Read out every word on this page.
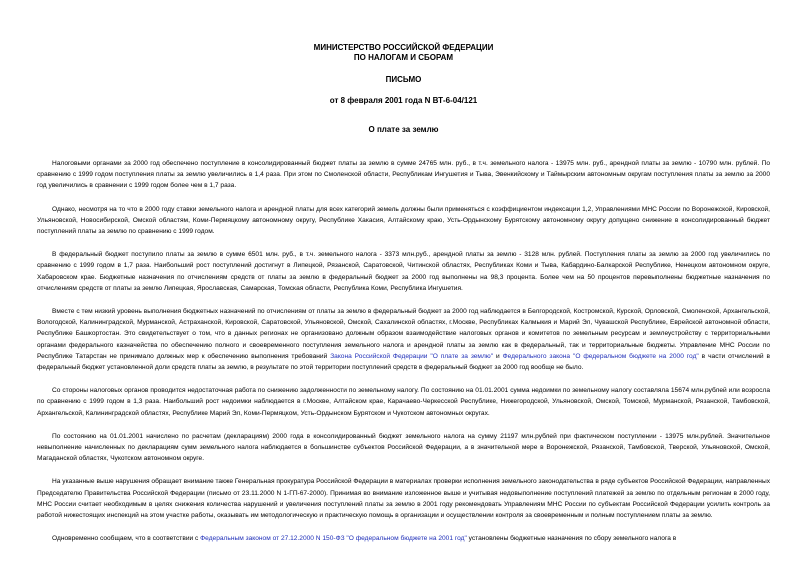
МИНИСТЕРСТВО РОССИЙСКОЙ ФЕДЕРАЦИИ

ПО НАЛОГАМ И СБОРАМ

ПИСЬМО

от 8 февраля 2001 года N ВТ-6-04/121

О плате за землю

Налоговыми органами за 2000 год обеспечено поступление в консолидированный бюджет платы за землю в сумме 24765 млн. руб., в т.ч. земельного налога - 13975 млн. руб., арендной платы за землю - 10790 млн. рублей. По сравнению с 1999 годом поступления платы за землю увеличились в 1,4 раза. При этом по Смоленской области, Республикам Ингушетия и Тыва, Эвенкийскому и Таймырским автономным округам поступления платы за землю за 2000 год увеличились в сравнении с 1999 годом более чем в 1,7 раза.

Однако, несмотря на то что в 2000 году ставки земельного налога и арендной платы для всех категорий земель должны были применяться с коэффициентом индексации 1,2, Управлениями МНС России по Воронежской, Кировской, Ульяновской, Новосибирской, Омской областям, Коми-Пермяцкому автономному округу, Республике Хакасия, Алтайскому краю, Усть-Ордынскому Бурятскому автономному округу допущено снижение в консолидированный бюджет поступлений платы за землю по сравнению с 1999 годом.

В федеральный бюджет поступило платы за землю в сумме 6501 млн. руб., в т.ч. земельного налога - 3373 млн.руб., арендной платы за землю - 3128 млн. рублей. Поступления платы за землю за 2000 год увеличились по сравнению с 1999 годом в 1,7 раза. Наибольший рост поступлений достигнут в Липецкой, Рязанской, Саратовской, Читинской областях, Республиках Коми и Тыва, Кабардино-Балкарской Республике, Ненецком автономном округе, Хабаровском крае. Бюджетные назначения по отчислениям средств от платы за землю в федеральный бюджет за 2000 год выполнены на 98,3 процента. Более чем на 50 процентов перевыполнены бюджетные назначения по отчислениям средств от платы за землю Липецкая, Ярославская, Самарская, Томская области, Республика Коми, Республика Ингушетия.

Вместе с тем низкий уровень выполнения бюджетных назначений по отчислениям от платы за землю в федеральный бюджет за 2000 год наблюдается в Белгородской, Костромской, Курской, Орловской, Смоленской, Архангельской, Вологодской, Калининградской, Мурманской, Астраханской, Кировской, Саратовской, Ульяновской, Омской, Сахалинской областях, г.Москве, Республиках Калмыкия и Марий Эл, Чувашской Республике, Еврейской автономной области, Республике Башкортостан. Это свидетельствует о том, что в данных регионах не организовано должным образом взаимодействие налоговых органов и комитетов по земельным ресурсам и землеустройству с территориальными органами федерального казначейства по обеспечению полного и своевременного поступления земельного налога и арендной платы за землю как в федеральный, так и территориальные бюджеты. Управление МНС России по Республике Татарстан не принимало должных мер к обеспечению выполнения требований Закона Российской Федерации "О плате за землю" и Федерального закона "О федеральном бюджете на 2000 год" в части отчислений в федеральный бюджет установленной доли средств платы за землю, в результате по этой территории поступлений средств в федеральный бюджет за 2000 год вообще не было.

Со стороны налоговых органов проводится недостаточная работа по снижению задолженности по земельному налогу. По состоянию на 01.01.2001 сумма недоимки по земельному налогу составляла 15674 млн.рублей или возросла по сравнению с 1999 годом в 1,3 раза. Наибольший рост недоимки наблюдается в г.Москве, Алтайском крае, Карачаево-Черкесской Республике, Нижегородской, Ульяновской, Омской, Томской, Мурманской, Рязанской, Тамбовской, Архангельской, Калининградской областях, Республике Марий Эл, Коми-Пермяцком, Усть-Ордынском Бурятском и Чукотском автономных округах.

По состоянию на 01.01.2001 начислено по расчетам (декларациям) 2000 года в консолидированный бюджет земельного налога на сумму 21197 млн.рублей при фактическом поступлении - 13975 млн.рублей. Значительное невыполнение начисленных по декларациям сумм земельного налога наблюдается в большинстве субъектов Российской Федерации, а в значительной мере в Воронежской, Рязанской, Тамбовской, Тверской, Ульяновской, Омской, Магаданской областях, Чукотском автономном округе.

На указанные выше нарушения обращает внимание также Генеральная прокуратура Российской Федерации в материалах проверки исполнения земельного законодательства в ряде субъектов Российской Федерации, направленных Председателю Правительства Российской Федерации (письмо от 23.11.2000 N 1-ГП-67-2000). Принимая во внимание изложенное выше и учитывая недовыполнение поступлений платежей за землю по отдельным регионам в 2000 году, МНС России считает необходимым в целях снижения количества нарушений и увеличения поступлений платы за землю в 2001 году рекомендовать Управлениям МНС России по субъектам Российской Федерации усилить контроль за работой нижестоящих инспекций на этом участке работы, оказывать им методологическую и практическую помощь в организации и осуществлении контроля за своевременным и полным поступлением платы за землю.

Одновременно сообщаем, что в соответствии с Федеральным законом от 27.12.2000 N 150-ФЗ "О федеральном бюджете на 2001 год" установлены бюджетные назначения по сбору земельного налога в
